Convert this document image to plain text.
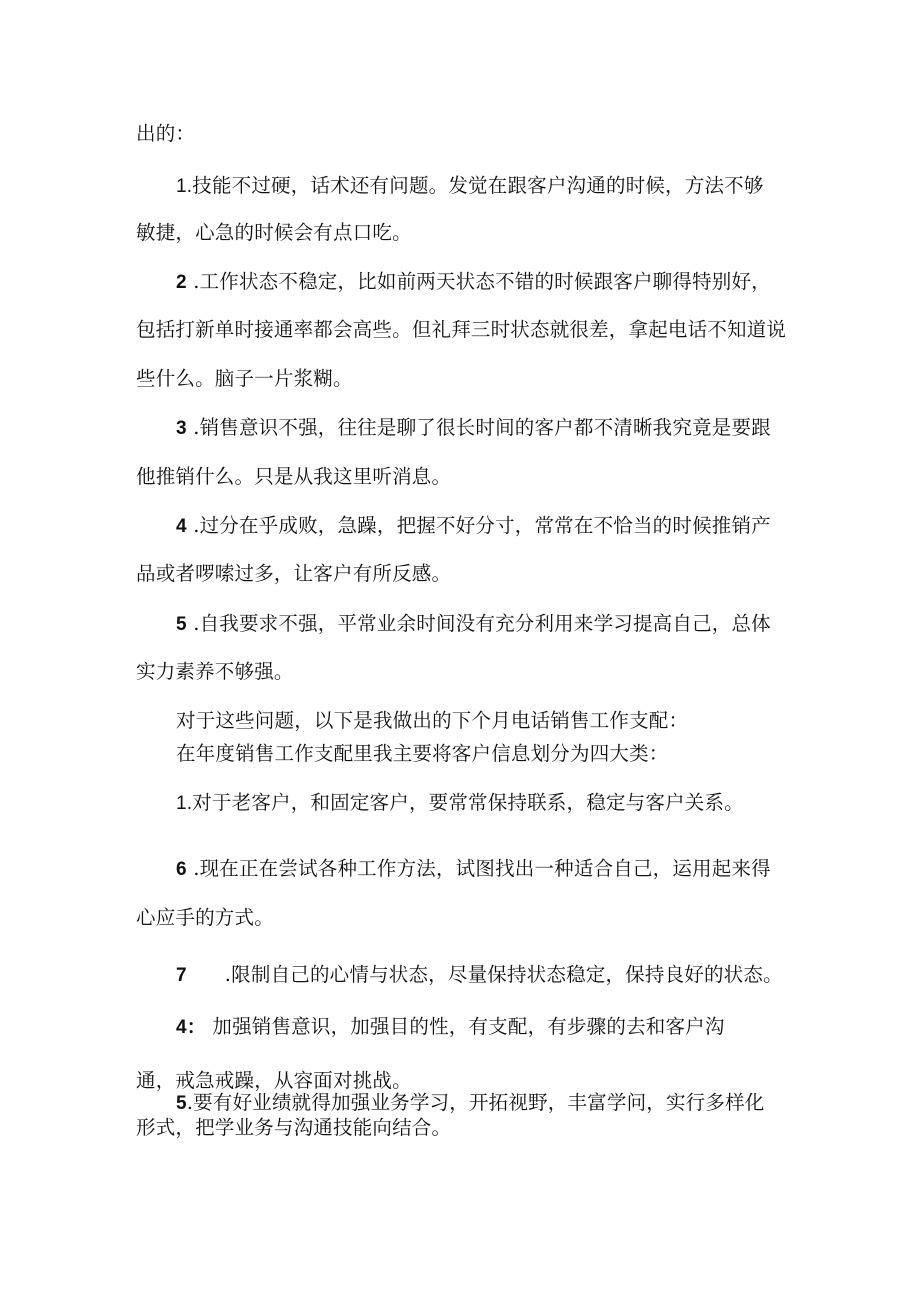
出的：
1.技能不过硬，话术还有问题。发觉在跟客户沟通的时候，方法不够
敏捷，心急的时候会有点口吃。
2 .工作状态不稳定，比如前两天状态不错的时候跟客户聊得特别好，
包括打新单时接通率都会高些。但礼拜三时状态就很差，拿起电话不知道说
些什么。脑子一片浆糊。
3 .销售意识不强，往往是聊了很长时间的客户都不清晰我究竟是要跟
他推销什么。只是从我这里听消息。
4 .过分在乎成败，急躁，把握不好分寸，常常在不恰当的时候推销产
品或者啰嗦过多，让客户有所反感。
5 .自我要求不强，平常业余时间没有充分利用来学习提高自己，总体
实力素养不够强。
对于这些问题，以下是我做出的下个月电话销售工作支配：
在年度销售工作支配里我主要将客户信息划分为四大类：
1.对于老客户，和固定客户，要常常保持联系，稳定与客户关系。
6 .现在正在尝试各种工作方法，试图找出一种适合自己，运用起来得
心应手的方式。
7 .限制自己的心情与状态，尽量保持状态稳定，保持良好的状态。
4： 加强销售意识，加强目的性，有支配，有步骤的去和客户沟
通，戒急戒躁，从容面对挑战。
5.要有好业绩就得加强业务学习，开拓视野，丰富学问，实行多样化
形式，把学业务与沟通技能向结合。
